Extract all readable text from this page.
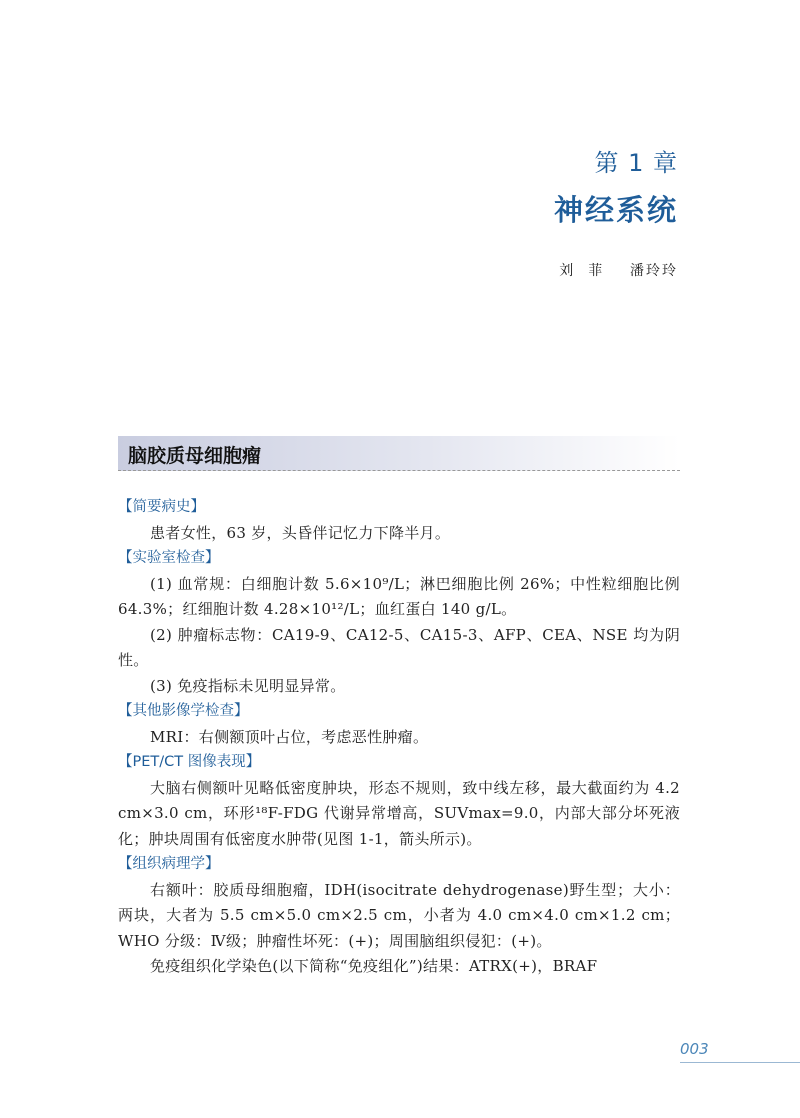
第 1 章
神经系统
刘  菲    潘玲玲
脑胶质母细胞瘤
【简要病史】
患者女性，63 岁，头昏伴记忆力下降半月。
【实验室检查】
(1) 血常规：白细胞计数 5.6×10⁹/L；淋巴细胞比例 26%；中性粒细胞比例 64.3%；红细胞计数 4.28×10¹²/L；血红蛋白 140 g/L。
(2) 肿瘤标志物：CA19-9、CA12-5、CA15-3、AFP、CEA、NSE 均为阴性。
(3) 免疫指标未见明显异常。
【其他影像学检查】
MRI：右侧额顶叶占位，考虑恶性肿瘤。
【PET/CT 图像表现】
大脑右侧额叶见略低密度肿块，形态不规则，致中线左移，最大截面约为 4.2 cm×3.0 cm，环形¹⁸F-FDG 代谢异常增高，SUVmax=9.0，内部大部分坏死液化；肿块周围有低密度水肿带(见图 1-1，箭头所示)。
【组织病理学】
右额叶：胶质母细胞瘤，IDH(isocitrate dehydrogenase)野生型；大小：两块，大者为 5.5 cm×5.0 cm×2.5 cm，小者为 4.0 cm×4.0 cm×1.2 cm；WHO 分级：Ⅳ级；肿瘤性坏死：(+)；周围脑组织侵犯：(+)。
免疫组织化学染色(以下简称“免疫组化”)结果：ATRX(+)，BRAF
003
